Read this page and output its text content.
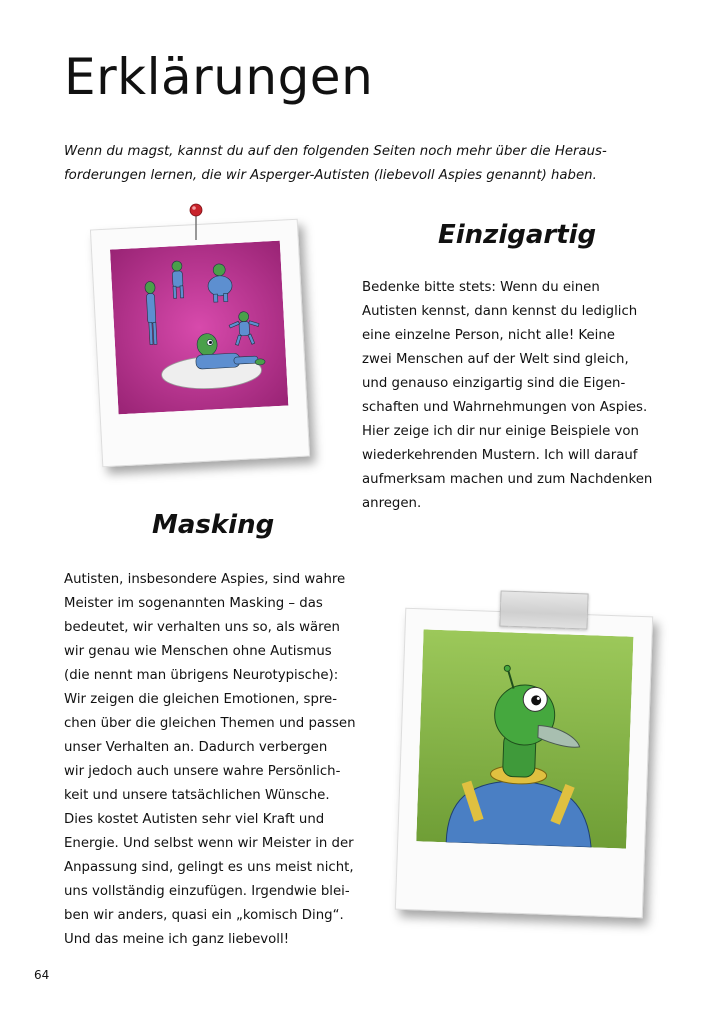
Erklärungen

Wenn du magst, kannst du auf den folgenden Seiten noch mehr über die Heraus-
forderungen lernen, die wir Asperger-Autisten (liebevoll Aspies genannt) haben.

Einzigartig
Bedenke bitte stets: Wenn du einen
Autisten kennst, dann kennst du lediglich
eine einzelne Person, nicht alle! Keine
zwei Menschen auf der Welt sind gleich,
und genauso einzigartig sind die Eigen-
schaften und Wahrnehmungen von Aspies.
Hier zeige ich dir nur einige Beispiele von
wiederkehrenden Mustern. Ich will darauf
aufmerksam machen und zum Nachdenken
anregen.
Masking
Autisten, insbesondere Aspies, sind wahre
Meister im sogenannten Masking – das
bedeutet, wir verhalten uns so, als wären
wir genau wie Menschen ohne Autismus
(die nennt man übrigens Neurotypische):
Wir zeigen die gleichen Emotionen, spre-
chen über die gleichen Themen und passen
unser Verhalten an. Dadurch verbergen
wir jedoch auch unsere wahre Persönlich-
keit und unsere tatsächlichen Wünsche.
Dies kostet Autisten sehr viel Kraft und
Energie. Und selbst wenn wir Meister in der
Anpassung sind, gelingt es uns meist nicht,
uns vollständig einzufügen. Irgendwie blei-
ben wir anders, quasi ein „komisch Ding“.
Und das meine ich ganz liebevoll!
64
